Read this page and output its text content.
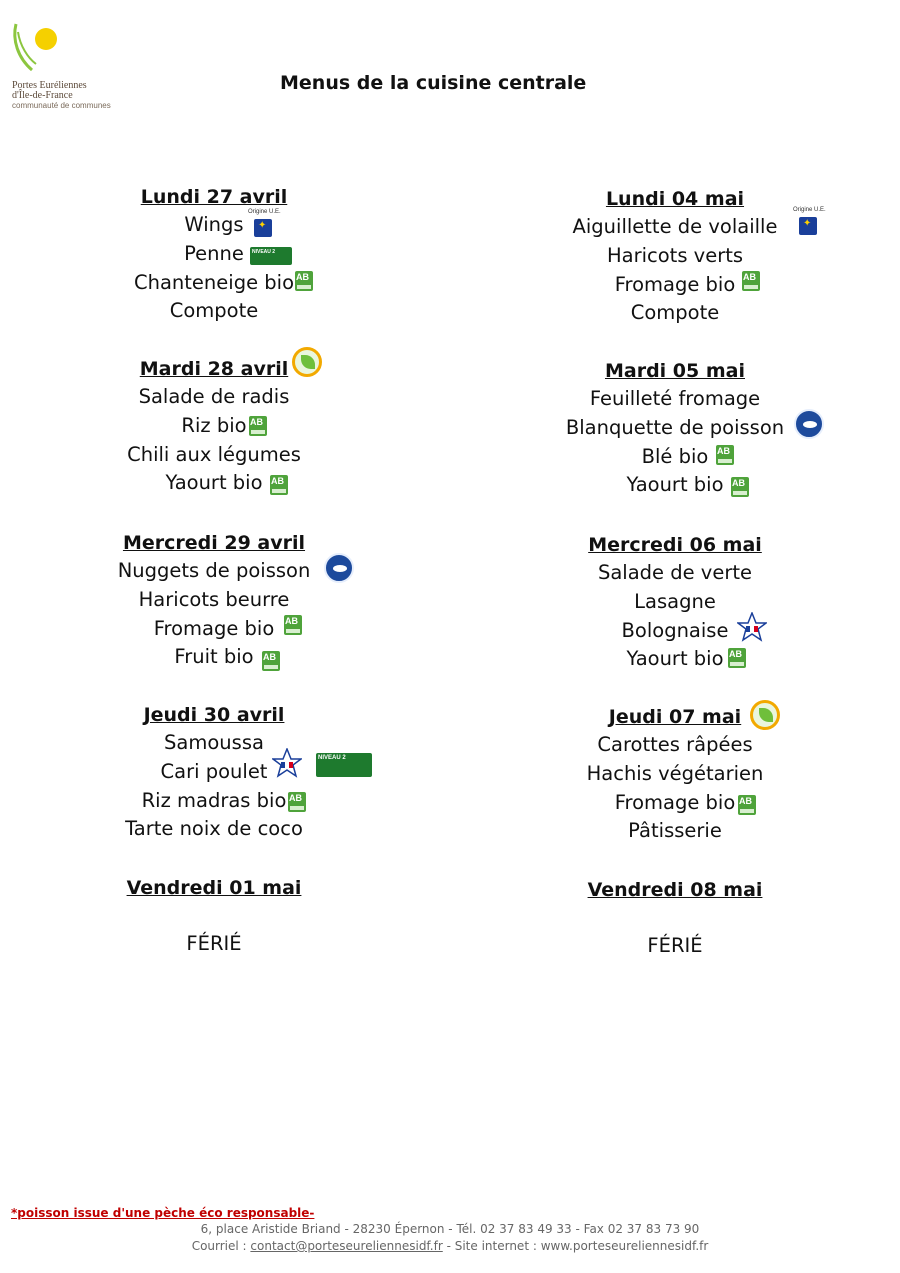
Portes Euréliennes
d'Île-de-France
communauté de communes
Menus de la cuisine centrale
Lundi 27 avril
Wings
Penne
Chanteneige bio
Compote
Mardi 28 avril
Salade de radis
Riz bio
Chili aux légumes
Yaourt bio
Mercredi 29 avril
Nuggets de poisson
Haricots beurre
Fromage bio
Fruit bio
Jeudi 30 avril
Samoussa
Cari poulet
Riz madras bio
Tarte noix de coco
Vendredi 01 mai
FÉRIÉ
Lundi 04 mai
Aiguillette de volaille
Haricots verts
Fromage bio
Compote
Mardi 05 mai
Feuilleté fromage
Blanquette de poisson
Blé bio
Yaourt bio
Mercredi 06 mai
Salade de verte
Lasagne
Bolognaise
Yaourt bio
Jeudi 07 mai
Carottes râpées
Hachis végétarien
Fromage bio
Pâtisserie
Vendredi 08 mai
FÉRIÉ
Origine U.E.
✦
NIVEAU 2
AB
AB
AB
AB
AB
NIVEAU 2
AB
Origine U.E.
✦
AB
AB
AB
AB
AB
*poisson issue d'une pèche éco responsable-
6, place Aristide Briand - 28230 Épernon - Tél. 02 37 83 49 33 - Fax 02 37 83 73 90
Courriel : contact@porteseureliennesidf.fr - Site internet : www.porteseureliennesidf.fr
